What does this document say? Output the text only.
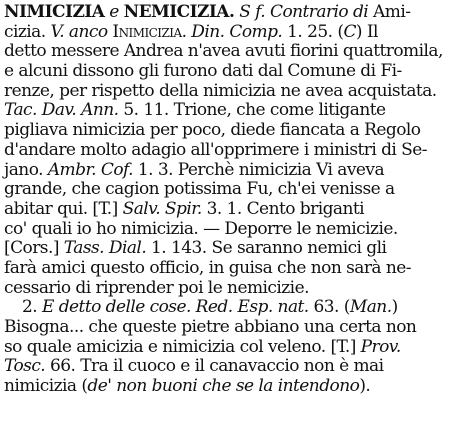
NIMICIZIA e NEMICIZIA. S f. Contrario di Ami-
cizia. V. anco Inimicizia. Din. Comp. 1. 25. (C) Il
detto messere Andrea n'avea avuti fiorini quattromila,
e alcuni dissono gli furono dati dal Comune di Fi-
renze, per rispetto della nimicizia ne avea acquistata.
Tac. Dav. Ann. 5. 11. Trione, che come litigante
pigliava nimicizia per poco, diede fiancata a Regolo
d'andare molto adagio all'opprimere i ministri di Se-
jano. Ambr. Cof. 1. 3. Perchè nimicizia Vi aveva
grande, che cagion potissima Fu, ch'ei venisse a
abitar qui. [T.] Salv. Spir. 3. 1. Cento briganti
co' quali io ho nimicizia. — Deporre le nemicizie.
[Cors.] Tass. Dial. 1. 143. Se saranno nemici gli
farà amici questo officio, in guisa che non sarà ne-
cessario di riprender poi le nemicizie.
2. E detto delle cose. Red. Esp. nat. 63. (Man.)
Bisogna... che queste pietre abbiano una certa non
so quale amicizia e nimicizia col veleno. [T.] Prov.
Tosc. 66. Tra il cuoco e il canavaccio non è mai
nimicizia (de' non buoni che se la intendono).
